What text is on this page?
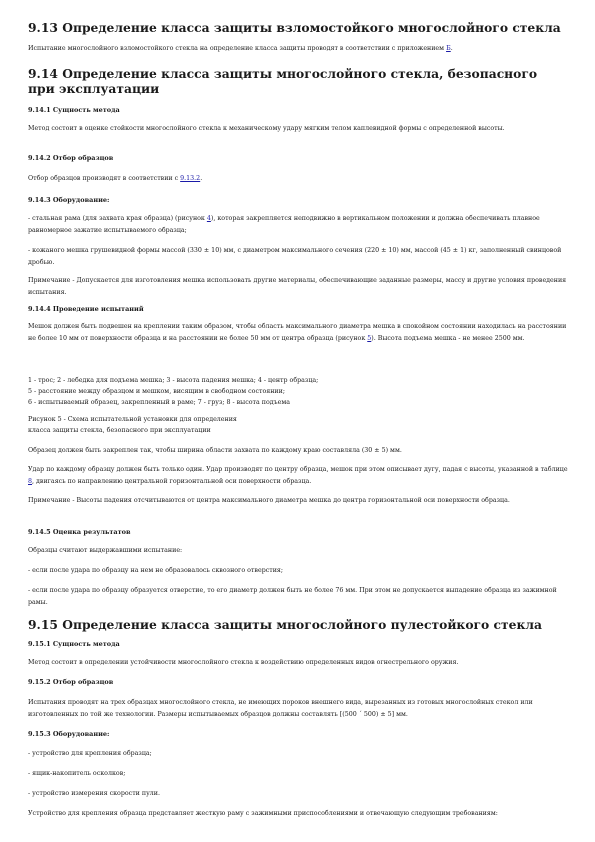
9.13 Определение класса защиты взломостойкого многослойного стекла

Испытание многослойного взломостойкого стекла на определение класса защиты проводят в соответствии с приложением Б.

9.14 Определение класса защиты многослойного стекла, безопасного при эксплуатации
9.14.1 Сущность метода

Метод состоит в оценке стойкости многослойного стекла к механическому удару мягким телом каплевидной формы с определенной высоты.

9.14.2 Отбор образцов

Отбор образцов производят в соответствии с 9.13.2.

9.14.3 Оборудование:

- стальная рама (для захвата края образца) (рисунок 4), которая закрепляется неподвижно в вертикальном положении и должна обеспечивать плавное равномерное зажатие испытываемого образца;

- кожаного мешка грушевидной формы массой (330 ± 10) мм, с диаметром максимального сечения (220 ± 10) мм, массой (45 ± 1) кг, заполненный свинцовой дробью.

Примечание - Допускается для изготовления мешка использовать другие материалы, обеспечивающие заданные размеры, массу и другие условия проведения испытания.

9.14.4 Проведение испытаний

Мешок должен быть подвешен на креплении таким образом, чтобы область максимального диаметра мешка в спокойном состоянии находилась на расстоянии не более 10 мм от поверхности образца и на расстоянии не более 50 мм от центра образца (рисунок 5). Высота подъема мешка - не менее 2500 мм.

1 - трос; 2 - лебедка для подъема мешка; 3 - высота падения мешка; 4 - центр образца;

5 - расстояние между образцом и мешком, висящим в свободном состоянии;

6 - испытываемый образец, закрепленный в раме; 7 - груз; 8 - высота подъема

Рисунок 5 - Схема испытательной установки для определения

класса защиты стекла, безопасного при эксплуатации

Образец должен быть закреплен так, чтобы ширина области захвата по каждому краю составляла (30 ± 5) мм.

Удар по каждому образцу должен быть только один. Удар производят по центру образца, мешок при этом описывает дугу, падая с высоты, указанной в таблице 8, двигаясь по направлению центральной горизонтальной оси поверхности образца.

Примечание - Высоты падения отсчитываются от центра максимального диаметра мешка до центра горизонтальной оси поверхности образца.

9.14.5 Оценка результатов

Образцы считают выдержавшими испытание:

- если после удара по образцу на нем не образовалось сквозного отверстия;

- если после удара по образцу образуется отверстие, то его диаметр должен быть не более 76 мм. При этом не допускается выпадение образца из зажимной рамы.

9.15 Определение класса защиты многослойного пулестойкого стекла
9.15.1 Сущность метода

Метод состоит в определении устойчивости многослойного стекла к воздействию определенных видов огнестрельного оружия.

9.15.2 Отбор образцов

Испытания проводят на трех образцах многослойного стекла, не имеющих пороков внешнего вида, вырезанных из готовых многослойных стекол или изготовленных по той же технологии. Размеры испытываемых образцов должны составлять [(500 ´ 500) ± 5] мм.

9.15.3 Оборудование:

- устройство для крепления образца;

- ящик-накопитель осколков;

- устройство измерения скорости пули.

Устройство для крепления образца представляет жесткую раму с зажимными приспособлениями и отвечающую следующим требованиям:
